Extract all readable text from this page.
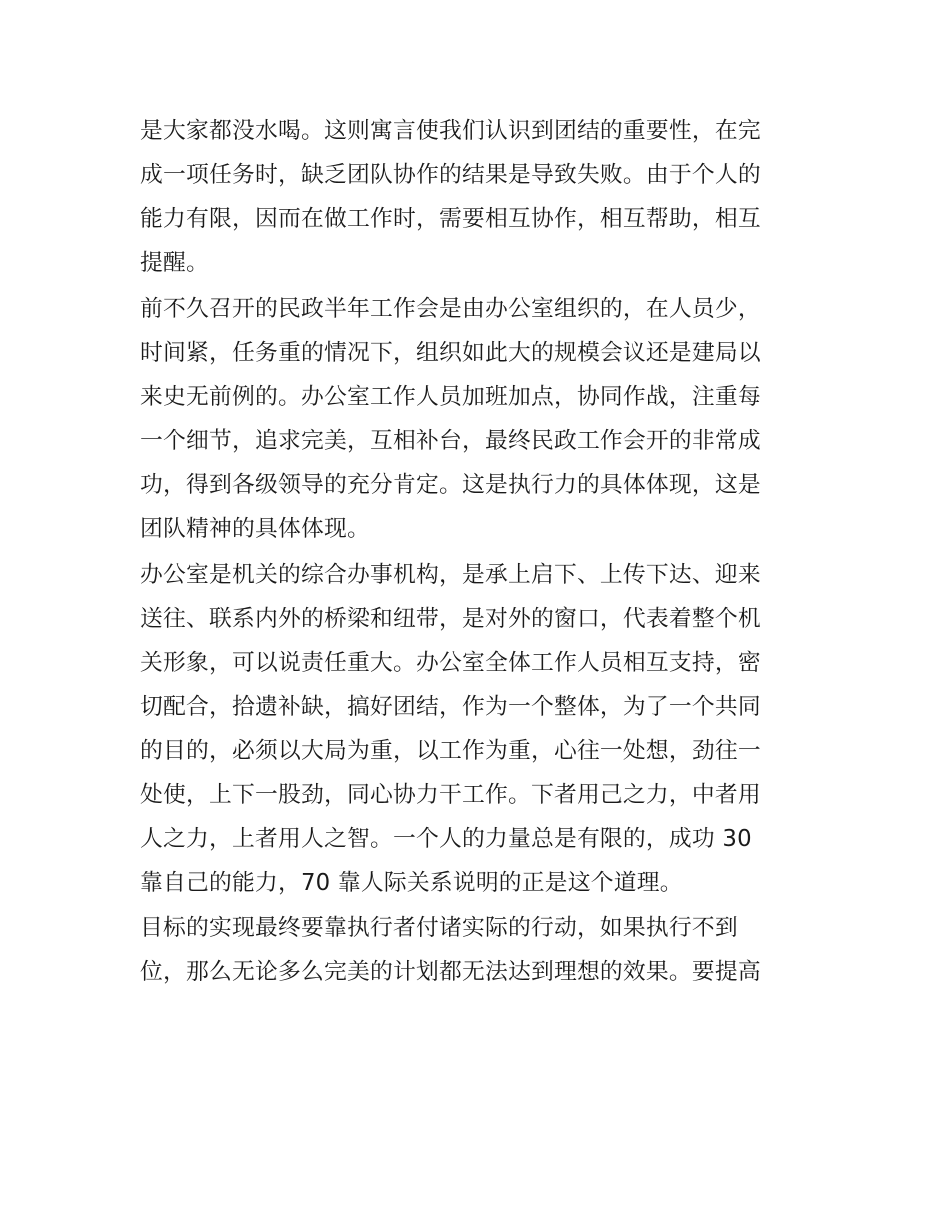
是大家都没水喝。这则寓言使我们认识到团结的重要性，在完
成一项任务时，缺乏团队协作的结果是导致失败。由于个人的
能力有限，因而在做工作时，需要相互协作，相互帮助，相互
提醒。
前不久召开的民政半年工作会是由办公室组织的，在人员少，
时间紧，任务重的情况下，组织如此大的规模会议还是建局以
来史无前例的。办公室工作人员加班加点，协同作战，注重每
一个细节，追求完美，互相补台，最终民政工作会开的非常成
功，得到各级领导的充分肯定。这是执行力的具体体现，这是
团队精神的具体体现。
办公室是机关的综合办事机构，是承上启下、上传下达、迎来
送往、联系内外的桥梁和纽带，是对外的窗口，代表着整个机
关形象，可以说责任重大。办公室全体工作人员相互支持，密
切配合，拾遗补缺，搞好团结，作为一个整体，为了一个共同
的目的，必须以大局为重，以工作为重，心往一处想，劲往一
处使，上下一股劲，同心协力干工作。下者用己之力，中者用
人之力，上者用人之智。一个人的力量总是有限的，成功 30
靠自己的能力，70 靠人际关系说明的正是这个道理。
目标的实现最终要靠执行者付诸实际的行动，如果执行不到
位，那么无论多么完美的计划都无法达到理想的效果。要提高
